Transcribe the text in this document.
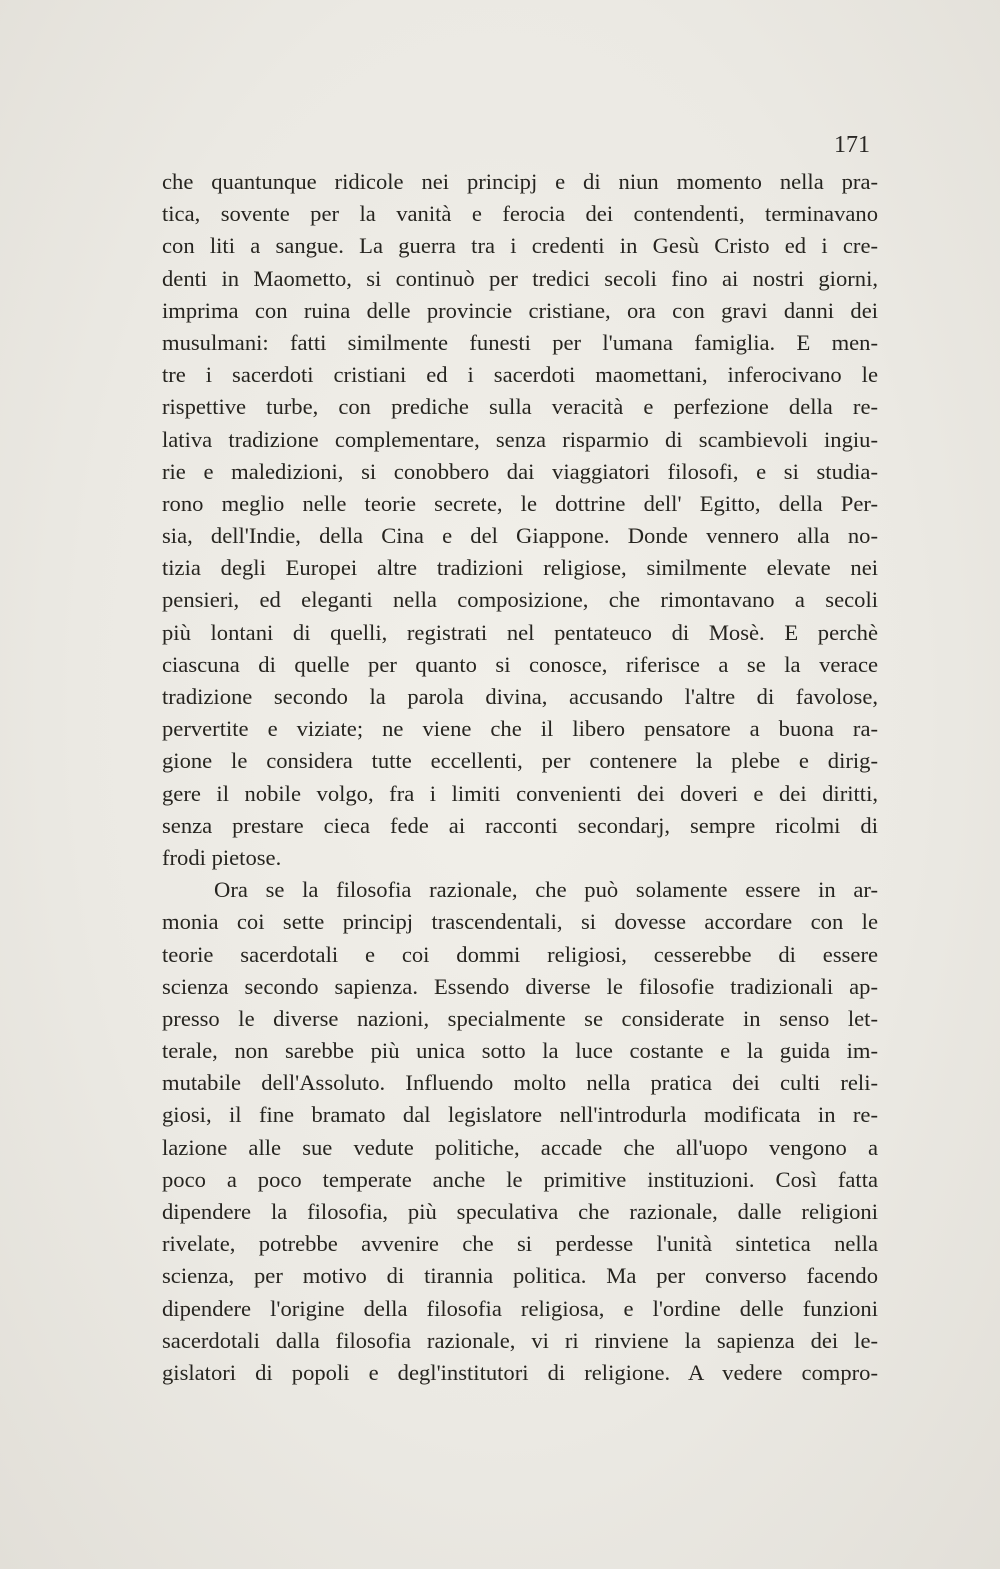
171
che quantunque ridicole nei principj e di niun momento nella pra-
tica, sovente per la vanità e ferocia dei contendenti, terminavano
con liti a sangue. La guerra tra i credenti in Gesù Cristo ed i cre-
denti in Maometto, si continuò per tredici secoli fino ai nostri giorni,
imprima con ruina delle provincie cristiane, ora con gravi danni dei
musulmani: fatti similmente funesti per l'umana famiglia. E men-
tre i sacerdoti cristiani ed i sacerdoti maomettani, inferocivano le
rispettive turbe, con prediche sulla veracità e perfezione della re-
lativa tradizione complementare, senza risparmio di scambievoli ingiu-
rie e maledizioni, si conobbero dai viaggiatori filosofi, e si studia-
rono meglio nelle teorie secrete, le dottrine dell' Egitto, della Per-
sia, dell'Indie, della Cina e del Giappone. Donde vennero alla no-
tizia degli Europei altre tradizioni religiose, similmente elevate nei
pensieri, ed eleganti nella composizione, che rimontavano a secoli
più lontani di quelli, registrati nel pentateuco di Mosè. E perchè
ciascuna di quelle per quanto si conosce, riferisce a se la verace
tradizione secondo la parola divina, accusando l'altre di favolose,
pervertite e viziate; ne viene che il libero pensatore a buona ra-
gione le considera tutte eccellenti, per contenere la plebe e dirig-
gere il nobile volgo, fra i limiti convenienti dei doveri e dei diritti,
senza prestare cieca fede ai racconti secondarj, sempre ricolmi di
frodi pietose.
Ora se la filosofia razionale, che può solamente essere in ar-
monia coi sette principj trascendentali, si dovesse accordare con le
teorie sacerdotali e coi dommi religiosi, cesserebbe di essere
scienza secondo sapienza. Essendo diverse le filosofie tradizionali ap-
presso le diverse nazioni, specialmente se considerate in senso let-
terale, non sarebbe più unica sotto la luce costante e la guida im-
mutabile dell'Assoluto. Influendo molto nella pratica dei culti reli-
giosi, il fine bramato dal legislatore nell'introdurla modificata in re-
lazione alle sue vedute politiche, accade che all'uopo vengono a
poco a poco temperate anche le primitive instituzioni. Così fatta
dipendere la filosofia, più speculativa che razionale, dalle religioni
rivelate, potrebbe avvenire che si perdesse l'unità sintetica nella
scienza, per motivo di tirannia politica. Ma per converso facendo
dipendere l'origine della filosofia religiosa, e l'ordine delle funzioni
sacerdotali dalla filosofia razionale, vi ri rinviene la sapienza dei le-
gislatori di popoli e degl'institutori di religione. A vedere compro-
